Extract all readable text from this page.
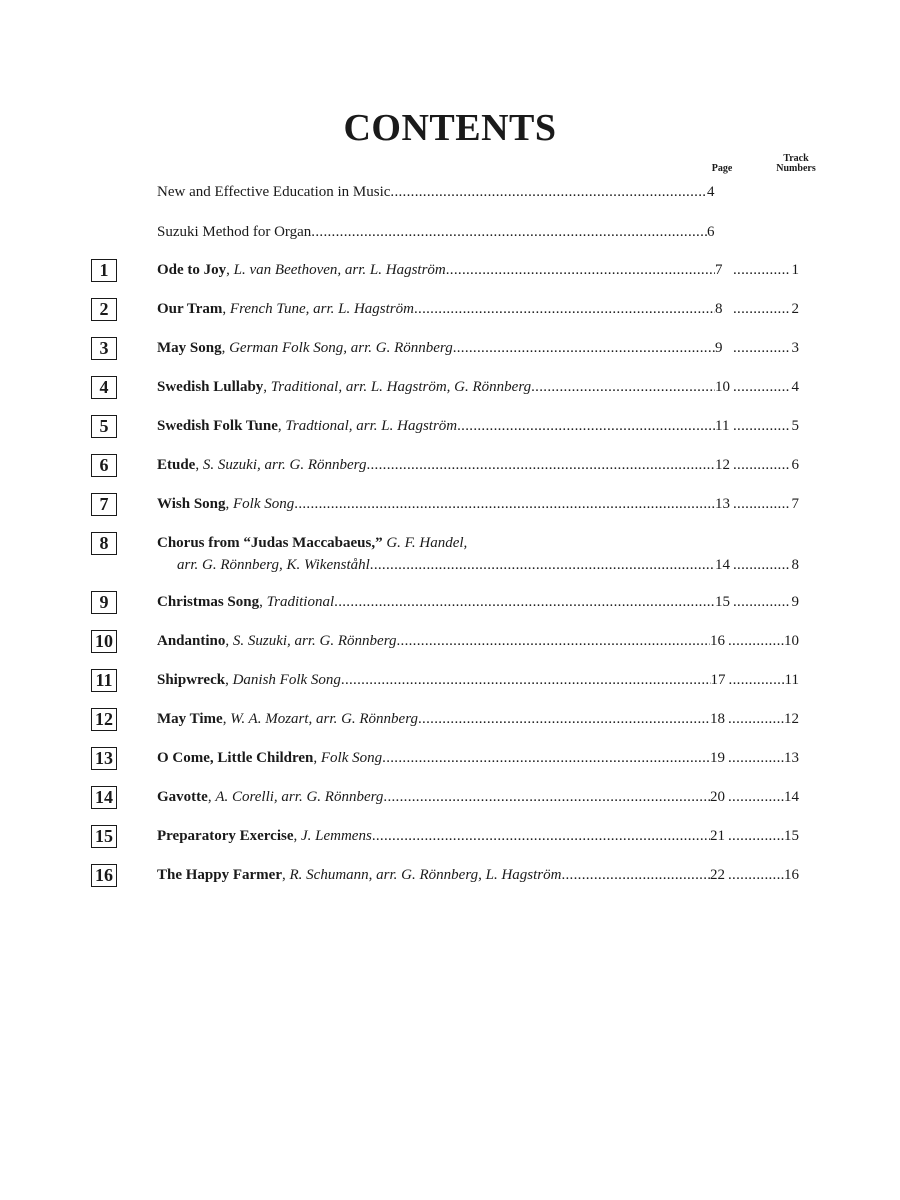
CONTENTS
Page
Track
Numbers
New and Effective Education in Music .....	4
Suzuki Method for Organ .....	6
1	Ode to Joy , L. van Beethoven, arr. L. Hagström .....	7 .....	1
2	Our Tram , French Tune, arr. L. Hagström .....	8 .....	2
3	May Song , German Folk Song, arr. G. Rönnberg .....	9 .....	3
4	Swedish Lullaby , Traditional, arr. L. Hagström, G. Rönnberg .....	10 .....	4
5	Swedish Folk Tune , Tradtional, arr. L. Hagström .....	11 .....	5
6	Etude , S. Suzuki, arr. G. Rönnberg .....	12 .....	6
7	Wish Song , Folk Song .....	13 .....	7
8	Chorus from “Judas Maccabaeus,”
G. F. Handel,
arr. G. Rönnberg, K. Wikenståhl .....	14 .....	8
9	Christmas Song , Traditional .....	15 .....	9
10	Andantino , S. Suzuki, arr. G. Rönnberg .....	16 .....	10
11	Shipwreck , Danish Folk Song .....	17 .....	11
12	May Time , W. A. Mozart, arr. G. Rönnberg .....	18 .....	12
13	O Come, Little Children , Folk Song .....	19 .....	13
14	Gavotte , A. Corelli, arr. G. Rönnberg .....	20 .....	14
15	Preparatory Exercise , J. Lemmens .....	21 .....	15
16	The Happy Farmer , R. Schumann, arr. G. Rönnberg, L. Hagström .....	22 .....	16
